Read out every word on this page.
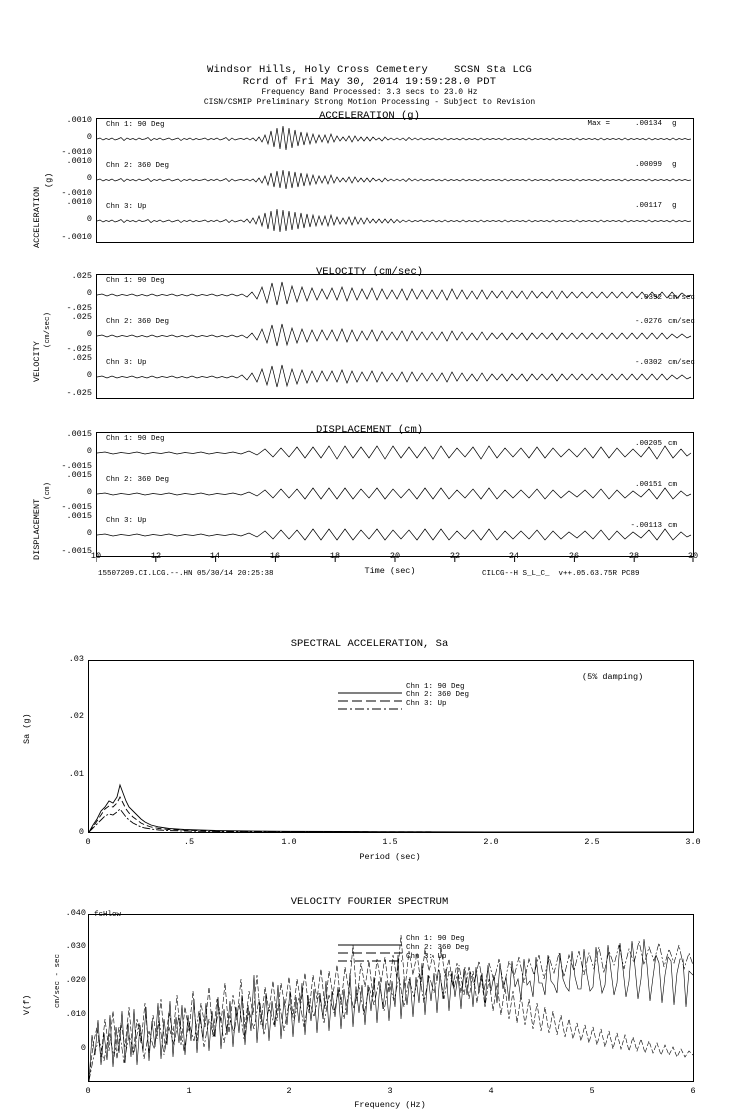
Windsor Hills, Holy Cross Cemetery    SCSN Sta LCG
Rcrd of Fri May 30, 2014 19:59:28.0 PDT
Frequency Band Processed: 3.3 secs to 23.0 Hz
CISN/CSMIP Preliminary Strong Motion Processing - Subject to Revision
ACCELERATION (g)
ACCELERATION
(g)
Chn 1: 90 Deg
Chn 2: 360 Deg
Chn 3: Up
.0010
0
-.0010
.0010
0
-.0010
.0010
0
-.0010
Max =	.00134 g
.00099 g
.00117 g
VELOCITY (cm/sec)
VELOCITY
(cm/sec)
Chn 1: 90 Deg
Chn 2: 360 Deg
Chn 3: Up
.025
0
-.025
.025
0
-.025
.025
0
-.025
-.0392 cm/sec
-.0276 cm/sec
-.0302 cm/sec
DISPLACEMENT (cm)
DISPLACEMENT
(cm)
Chn 1: 90 Deg
Chn 2: 360 Deg
Chn 3: Up
.0015
0
-.0015
.0015
0
-.0015
.0015
0
-.0015
.00205 cm
.00151 cm
-.00113 cm
10	12	14	16	18	20	22	24	26	28	30
Time (sec)
15507209.CI.LCG.--.HN 05/30/14 20:25:38	CILCG--H S_L_C_  v++.05.63.75R PC89
SPECTRAL ACCELERATION, Sa
Sa (g)
.03
.02
.01
0
0	.5	1.0	1.5	2.0	2.5	3.0
Period (sec)
(5% damping)
Chn 1: 90 Deg
Chn 2: 360 Deg
Chn 3: Up
VELOCITY FOURIER SPECTRUM
V(f)	cm/sec - sec
fcHlow
.040
.030
.020
.010
0
0	1	2	3	4	5	6
Frequency (Hz)
Chn 1: 90 Deg
Chn 2: 360 Deg
Chn 3: Up
